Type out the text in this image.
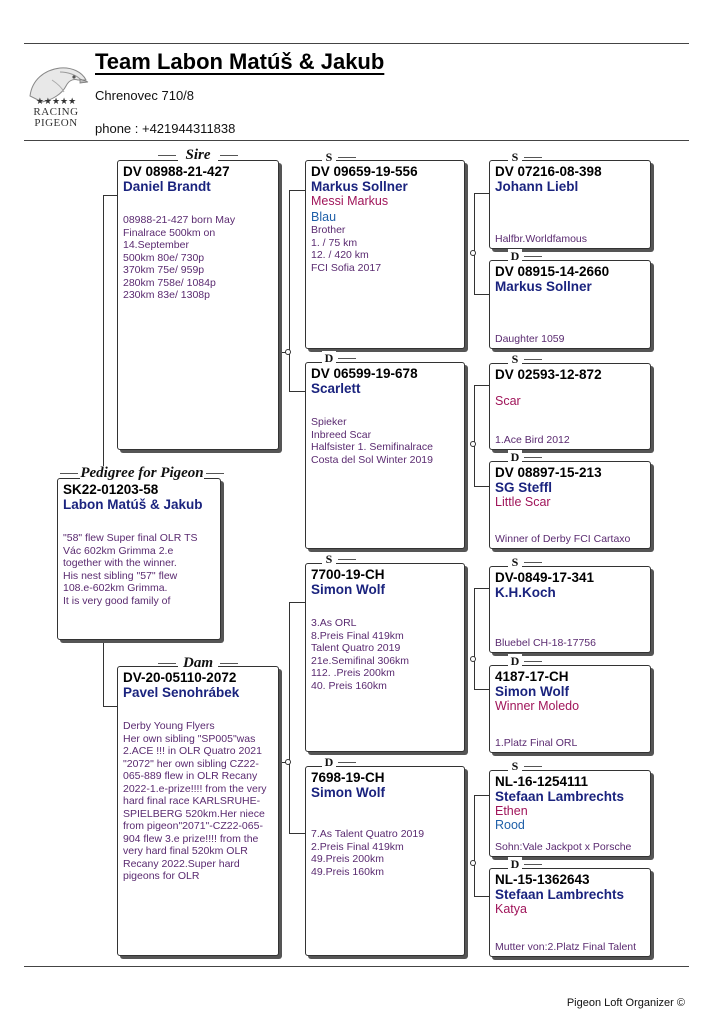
★★★★★
RACING
PIGEON
Team Labon Matúš & Jakub
Chrenovec 710/8
phone : +421944311838
SK22-01203-58
Labon Matúš & Jakub
"58" flew Super final OLR TS
Vác 602km Grimma 2.e
together with the winner.
His nest sibling "57" flew
108.e-602km Grimma.
It is very good family of
Pedigree for Pigeon
DV 08988-21-427
Daniel Brandt
08988-21-427 born May
Finalrace 500km on
14.September
500km 80e/ 730p
370km 75e/ 959p
280km 758e/ 1084p
230km 83e/ 1308p
Sire
DV-20-05110-2072
Pavel Senohrábek
Derby Young Flyers
Her own sibling "SP005"was
2.ACE !!! in OLR Quatro 2021
"2072" her own sibling CZ22-
065-889 flew in OLR Recany
2022-1.e-prize!!!! from the very
hard final race KARLSRUHE-
SPIELBERG 520km.Her niece
from pigeon"2071"-CZ22-065-
904 flew 3.e prize!!!! from the
very hard final 520km OLR
Recany 2022.Super hard
pigeons for OLR
Dam
DV 09659-19-556
Markus Sollner
Messi Markus
Blau
Brother
1. / 75 km
12. / 420 km
FCI Sofia 2017
S
DV 06599-19-678
Scarlett
Spieker
Inbreed Scar
Halfsister 1. Semifinalrace
Costa del Sol Winter 2019
D
7700-19-CH
Simon Wolf
3.As ORL
8.Preis Final 419km
Talent Quatro 2019
21e.Semifinal 306km
112. .Preis 200km
40. Preis 160km
S
7698-19-CH
Simon Wolf
7.As Talent Quatro 2019
2.Preis Final 419km
49.Preis 200km
49.Preis 160km
D
DV 07216-08-398
Johann Liebl
Halfbr.Worldfamous
S
DV 08915-14-2660
Markus Sollner
Daughter 1059
D
DV 02593-12-872
Scar
1.Ace Bird 2012
S
DV 08897-15-213
SG Steffl
Little Scar
Winner of Derby FCI Cartaxo
D
DV-0849-17-341
K.H.Koch
Bluebel CH-18-17756
S
4187-17-CH
Simon Wolf
Winner Moledo
1.Platz Final ORL
D
NL-16-1254111
Stefaan Lambrechts
Ethen
Rood
Sohn:Vale Jackpot x Porsche
S
NL-15-1362643
Stefaan Lambrechts
Katya
Mutter von:2.Platz Final Talent
D
Pigeon Loft Organizer ©
